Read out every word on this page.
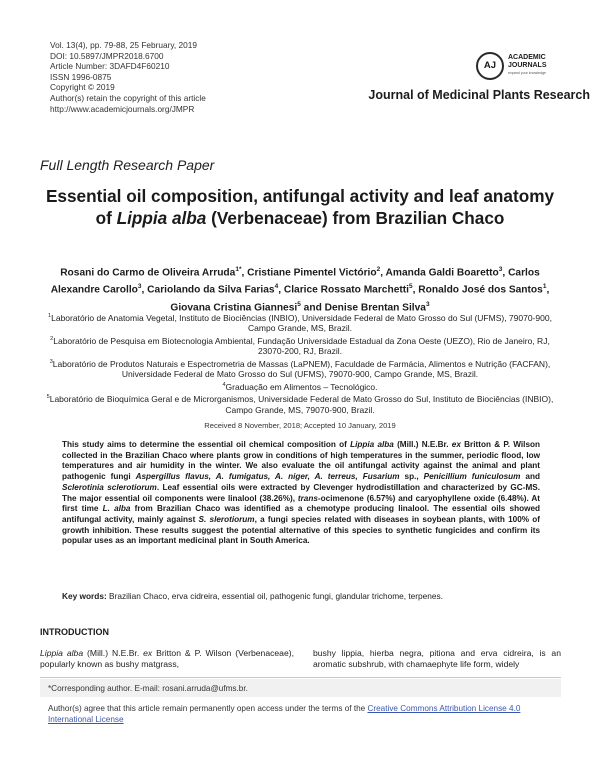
Vol. 13(4), pp. 79-88, 25 February, 2019
DOI: 10.5897/JMPR2018.6700
Article Number: 3DAFD4F60210
ISSN 1996-0875
Copyright © 2019
Author(s) retain the copyright of this article
http://www.academicjournals.org/JMPR
AJ
ACADEMIC
JOURNALS
expand your knowledge
Journal of Medicinal Plants Research
Full Length Research Paper
Essential oil composition, antifungal activity and leaf anatomy of Lippia alba (Verbenaceae) from Brazilian Chaco
Rosani do Carmo de Oliveira Arruda$^{1*}$, Cristiane Pimentel Victório$^2$, Amanda Galdi Boaretto$^3$, Carlos Alexandre Carollo$^3$, Cariolando da Silva Farias$^4$, Clarice Rossato Marchetti$^5$, Ronaldo José dos Santos$^1$, Giovana Cristina Giannesi$^5$ and Denise Brentan Silva$^3$
$^1$Laboratório de Anatomia Vegetal, Instituto de Biociências (INBIO), Universidade Federal de Mato Grosso do Sul (UFMS), 79070-900, Campo Grande, MS, Brazil.
$^2$Laboratório de Pesquisa em Biotecnologia Ambiental, Fundação Universidade Estadual da Zona Oeste (UEZO), Rio de Janeiro, RJ, 23070-200, RJ, Brazil.
$^3$Laboratório de Produtos Naturais e Espectrometria de Massas (LaPNEM), Faculdade de Farmácia, Alimentos e Nutrição (FACFAN), Universidade Federal de Mato Grosso do Sul (UFMS), 79070-900, Campo Grande, MS, Brazil.
$^4$Graduação em Alimentos – Tecnológico.
$^5$Laboratório de Bioquímica Geral e de Microrganismos, Universidade Federal de Mato Grosso do Sul, Instituto de Biociências (INBIO), Campo Grande, MS, 79070-900, Brazil.
Received 8 November, 2018; Accepted 10 January, 2019
This study aims to determine the essential oil chemical composition of Lippia alba (Mill.) N.E.Br. ex Britton & P. Wilson collected in the Brazilian Chaco where plants grow in conditions of high temperatures in the summer, periodic flood, low temperatures and air humidity in the winter. We also evaluate the oil antifungal activity against the animal and plant pathogenic fungi Aspergillus flavus, A. fumigatus, A. niger, A. terreus, Fusarium sp., Penicillium funiculosum and Sclerotinia sclerotiorum. Leaf essential oils were extracted by Clevenger hydrodistillation and characterized by GC-MS. The major essential oil components were linalool (38.26%), trans-ocimenone (6.57%) and caryophyllene oxide (6.48%). At first time L. alba from Brazilian Chaco was identified as a chemotype producing linalool. The essential oils showed antifungal activity, mainly against S. slerotiorum, a fungi species related with diseases in soybean plants, with 100% of growth inhibition. These results suggest the potential alternative of this species to synthetic fungicides and confirm its popular uses as an important medicinal plant in South America.
Key words: Brazilian Chaco, erva cidreira, essential oil, pathogenic fungi, glandular trichome, terpenes.
INTRODUCTION
Lippia alba (Mill.) N.E.Br. ex Britton & P. Wilson (Verbenaceae), popularly known as bushy matgrass,
bushy lippia, hierba negra, pitiona and erva cidreira, is an aromatic subshrub, with chamaephyte life form, widely
*Corresponding author. E-mail: rosani.arruda@ufms.br.
Author(s) agree that this article remain permanently open access under the terms of the Creative Commons Attribution License 4.0 International License
